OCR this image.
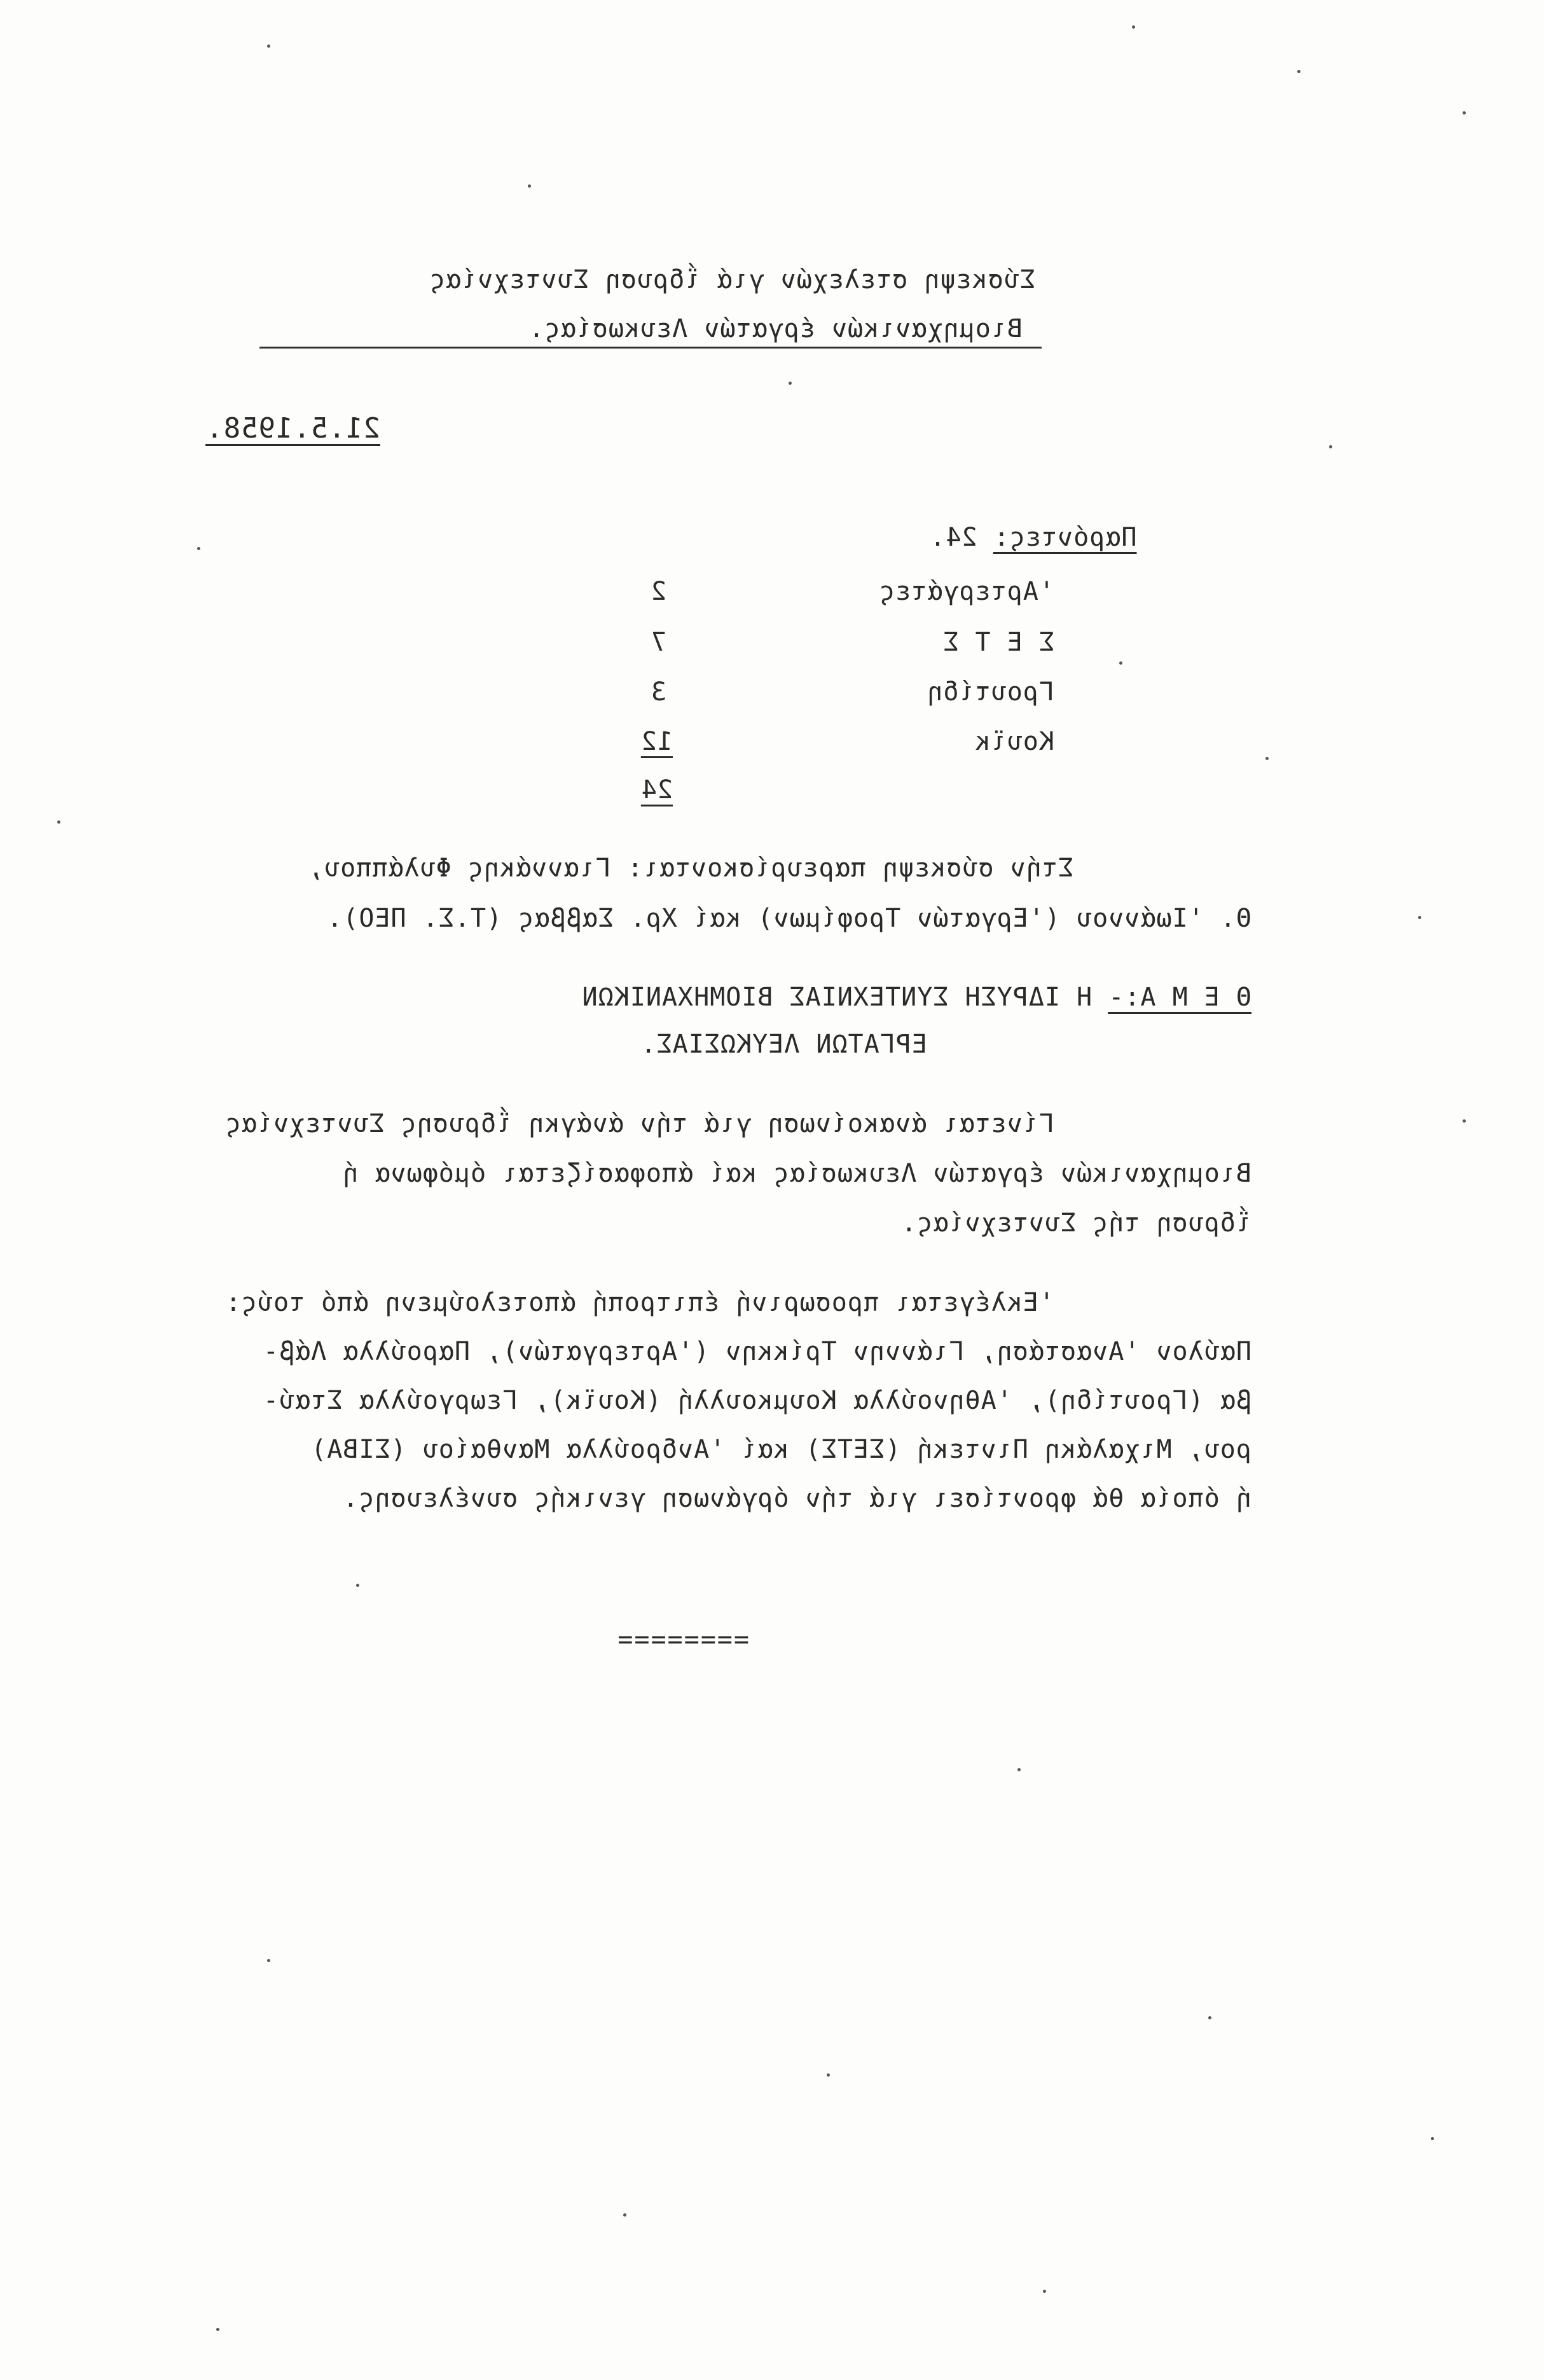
Σύσκεψη στελεχών γιά ΐδρυση Συντεχνίας
Βιομηχανικών έργατών Λευκωσίας.
21.5.1958.

Παρόντες: 24.

'Αρτεργάτες
2
Σ Ε Τ Σ
7
Γρουτίδη
3
Κουϊκ
12
24
Στήν σύσκεψη παρευρίσκονται: Γιαννάκης Φυλάππου,
Θ. 'Ιωάννου ('Εργατών Τροφίμων) καί Χρ. Σαββας (Τ.Σ. ΠΕΟ).
Θ Ε Μ Α:- Η ΙΔΡΥΣΗ ΣΥΝΤΕΧΝΙΑΣ ΒΙΟΜΗΧΑΝΙΚΩΝ
ΕΡΓΑΤΩΝ ΛΕΥΚΩΣΙΑΣ.
Γίνεται άνακοίνωση γιά τήν άνάγκη ΐδρυσης Συντεχνίας
Βιομηχανικών έργατών Λευκωσίας καί άποφασίζεται όμόφωνα ή
ΐδρυση τής Συντεχνίας.
'Εκλέγεται προσωρινή έπιτροπή άποτελούμενη άπό τούς:
Παύλον 'Αναστάση, Γιάννην Τρίκκην ('Αρτεργατών), Παρούλλα Λάβ-
βα (Γρουτίδη), 'Αθηνούλλα Κουμκουλλή (Κουϊκ), Γεωργούλλα Σταύ-
ρου, Μιχαλάκη Πιντεκή (ΣΕΤΣ) καί 'Ανδρούλλα Μανθαίου (ΣΙΒΑ)
ή όποία θά φροντίσει γιά τήν όργάνωση γενικής συνέλευσης.
========
